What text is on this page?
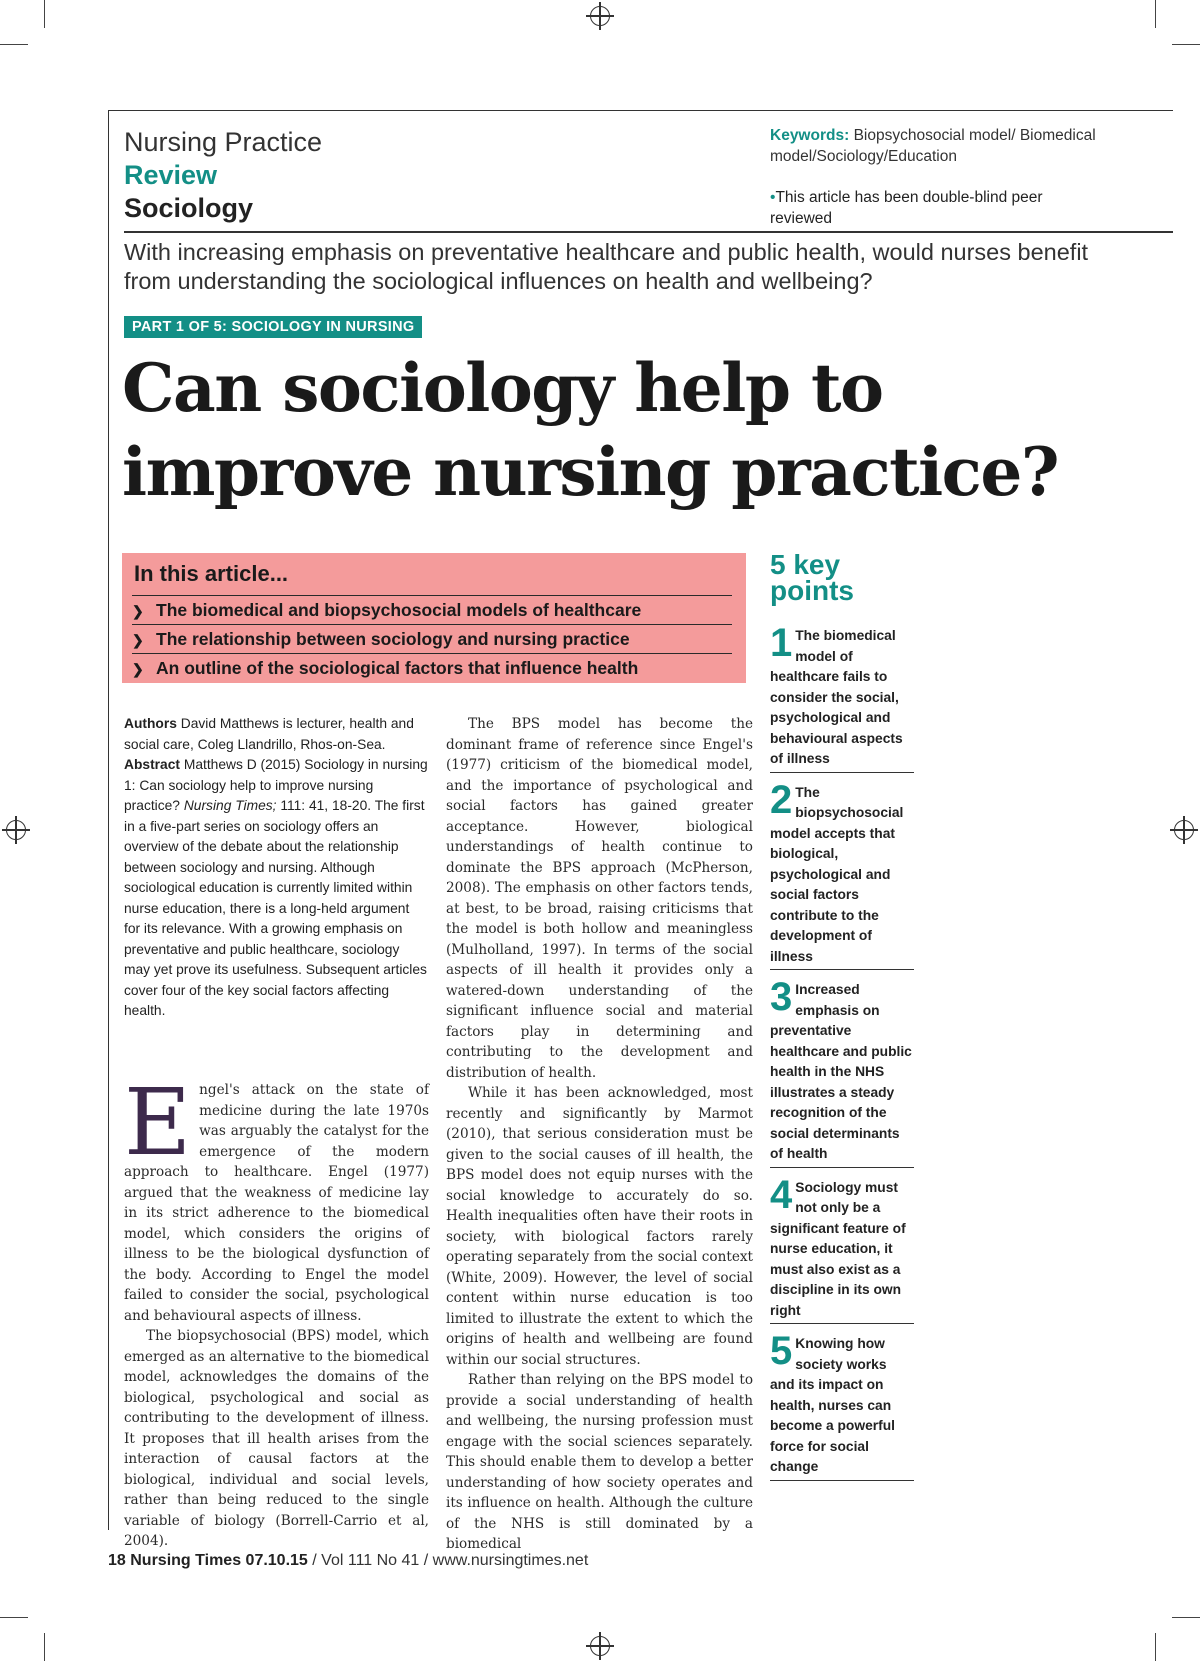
Nursing Practice
Review
Sociology
Keywords: Biopsychosocial model/ Biomedical model/Sociology/Education
•This article has been double-blind peer reviewed
With increasing emphasis on preventative healthcare and public health, would nurses benefit from understanding the sociological influences on health and wellbeing?
PART 1 OF 5: SOCIOLOGY IN NURSING
Can sociology help to improve nursing practice?
In this article...
❯ The biomedical and biopsychosocial models of healthcare
❯ The relationship between sociology and nursing practice
❯ An outline of the sociological factors that influence health
Authors David Matthews is lecturer, health and social care, Coleg Llandrillo, Rhos-on-Sea.
Abstract Matthews D (2015) Sociology in nursing 1: Can sociology help to improve nursing practice? Nursing Times; 111: 41, 18-20. The first in a five-part series on sociology offers an overview of the debate about the relationship between sociology and nursing. Although sociological education is currently limited within nurse education, there is a long-held argument for its relevance. With a growing emphasis on preventative and public healthcare, sociology may yet prove its usefulness. Subsequent articles cover four of the key social factors affecting health.

Engel's attack on the state of medicine during the late 1970s was arguably the catalyst for the emergence of the modern approach to healthcare. Engel (1977) argued that the weakness of medicine lay in its strict adherence to the biomedical model, which considers the origins of illness to be the biological dysfunction of the body. According to Engel the model failed to consider the social, psychological and behavioural aspects of illness.

The biopsychosocial (BPS) model, which emerged as an alternative to the biomedical model, acknowledges the domains of the biological, psychological and social as contributing to the development of illness. It proposes that ill health arises from the interaction of causal factors at the biological, individual and social levels, rather than being reduced to the single variable of biology (Borrell-Carrio et al, 2004).

The BPS model has become the dominant frame of reference since Engel's (1977) criticism of the biomedical model, and the importance of psychological and social factors has gained greater acceptance. However, biological understandings of health continue to dominate the BPS approach (McPherson, 2008). The emphasis on other factors tends, at best, to be broad, raising criticisms that the model is both hollow and meaningless (Mulholland, 1997). In terms of the social aspects of ill health it provides only a watered-down understanding of the significant influence social and material factors play in determining and contributing to the development and distribution of health.

While it has been acknowledged, most recently and significantly by Marmot (2010), that serious consideration must be given to the social causes of ill health, the BPS model does not equip nurses with the social knowledge to accurately do so. Health inequalities often have their roots in society, with biological factors rarely operating separately from the social context (White, 2009). However, the level of social content within nurse education is too limited to illustrate the extent to which the origins of health and wellbeing are found within our social structures.

Rather than relying on the BPS model to provide a social understanding of health and wellbeing, the nursing profession must engage with the social sciences separately. This should enable them to develop a better understanding of how society operates and its influence on health. Although the culture of the NHS is still dominated by a biomedical

5 key points
1 The biomedical model of healthcare fails to consider the social, psychological and behavioural aspects of illness
2 The biopsychosocial model accepts that biological, psychological and social factors contribute to the development of illness
3 Increased emphasis on preventative healthcare and public health in the NHS illustrates a steady recognition of the social determinants of health
4 Sociology must not only be a significant feature of nurse education, it must also exist as a discipline in its own right
5 Knowing how society works and its impact on health, nurses can become a powerful force for social change
18 Nursing Times 07.10.15 / Vol 111 No 41 / www.nursingtimes.net
